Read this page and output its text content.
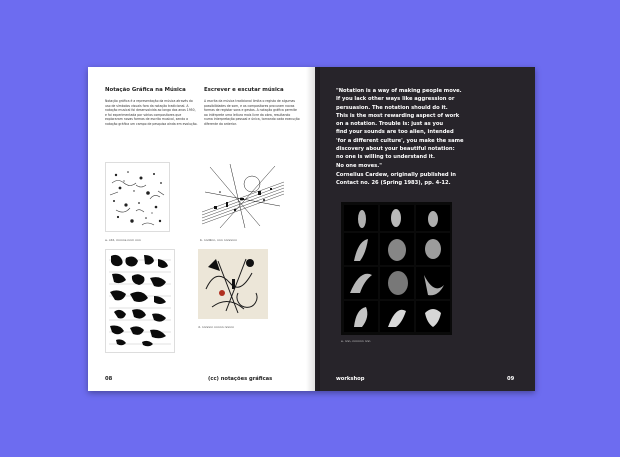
Notação Gráfica na Música
Notação gráfica é a representação da música através do uso de símbolos visuais fora da notação tradicional. A notação musical foi desenvolvida ao longo dos anos 1950, e foi experimentada por vários compositores que exploraram novas formas de escrita musical, sendo a notação gráfica um campo de pesquisa ainda em evolução.
Escrever e escutar música
A escrita da música tradicional limita o registo de algumas possibilidades de som, e os compositores procuram novas formas de registar sons e gestos. A notação gráfica permite ao intérprete uma leitura mais livre da obra, resultando numa interpretação pessoal e única, tornando cada execução diferente da anterior.
a. cd2, rnnnns nnrn nnn	b. nnd2nn, nnn nnnnnnn
d. nnnnnn nnnnn nnnnn
08	(cc) notações gráficas
"Notation is a way of making people move.
If you lack other ways like aggression or
persuasion. The notation should do it.
This is the most rewarding aspect of work
on a notation. Trouble is: just as you
find your sounds are too alien, intended
'for a different culture', you make the same
discovery about your beautiful notation:
no one is willing to understand it.
No one moves."
Cornelius Cardew, originally published in
Contact no. 26 (Spring 1983), pp. 4-12.
e. nnn, nnnnnn nnn
workshop	09
